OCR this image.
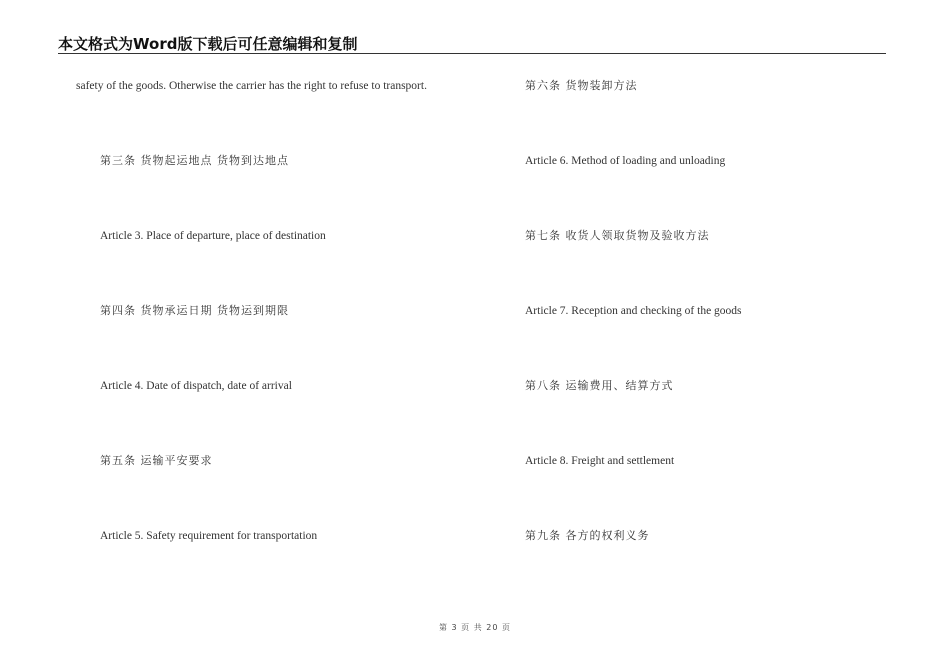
本文格式为Word版下载后可任意编辑和复制
safety of the goods. Otherwise the carrier has the right to refuse to transport.
第三条 货物起运地点 货物到达地点
Article 3. Place of departure, place of destination
第四条 货物承运日期 货物运到期限
Article 4. Date of dispatch, date of arrival
第五条 运输平安要求
Article 5. Safety requirement for transportation
第六条 货物装卸方法
Article 6. Method of loading and unloading
第七条 收货人领取货物及验收方法
Article 7. Reception and checking of the goods
第八条 运输费用、结算方式
Article 8. Freight and settlement
第九条 各方的权利义务
第 3 页 共 20 页
